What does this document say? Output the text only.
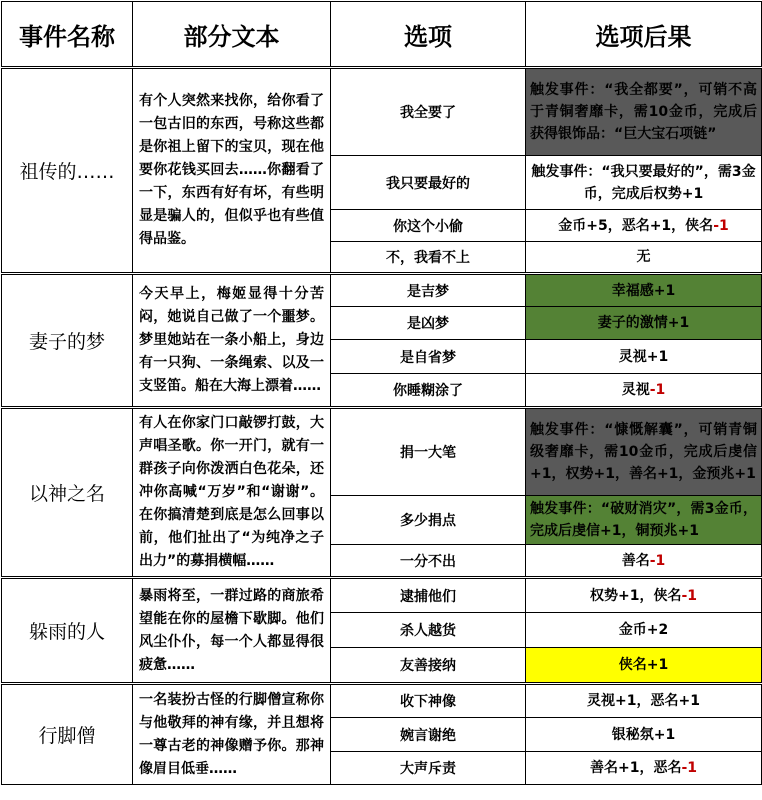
事件名称	部分文本	选项	选项后果
祖传的……	有个人突然来找你，给你看了一包古旧的东西，号称这些都是你祖上留下的宝贝，现在他要你花钱买回去……你翻看了一下，东西有好有坏，有些明显是骗人的，但似乎也有些值得品鉴。	我全要了	触发事件：“我全都要”，可销不高于青铜奢靡卡，需10金币，完成后获得银饰品：“巨大宝石项链”
		我只要最好的	触发事件：“我只要最好的”，需3金币，完成后权势+1
		你这个小偷	金币+5，恶名+1，侠名-1
		不，我看不上	无
妻子的梦	今天早上，梅姬显得十分苦闷，她说自己做了一个噩梦。梦里她站在一条小船上，身边有一只狗、一条绳索、以及一支竖笛。船在大海上漂着……	是吉梦	幸福感+1
		是凶梦	妻子的激情+1
		是自省梦	灵视+1
		你睡糊涂了	灵视-1
以神之名	有人在你家门口敲锣打鼓，大声唱圣歌。你一开门，就有一群孩子向你泼洒白色花朵，还冲你高喊“万岁”和“谢谢”。在你搞清楚到底是怎么回事以前，他们扯出了“为纯净之子出力”的募捐横幅……	捐一大笔	触发事件：“慷慨解囊”，可销青铜级奢靡卡，需10金币，完成后虔信+1，权势+1，善名+1，金预兆+1
		多少捐点	触发事件：“破财消灾”，需3金币，完成后虔信+1，铜预兆+1
		一分不出	善名-1
躲雨的人	暴雨将至，一群过路的商旅希望能在你的屋檐下歇脚。他们风尘仆仆，每一个人都显得很疲惫……	逮捕他们	权势+1，侠名-1
		杀人越货	金币+2
		友善接纳	侠名+1
行脚僧	一名装扮古怪的行脚僧宣称你与他敬拜的神有缘，并且想将一尊古老的神像赠予你。那神像眉目低垂……	收下神像	灵视+1，恶名+1
		婉言谢绝	银秘氛+1
		大声斥责	善名+1，恶名-1
